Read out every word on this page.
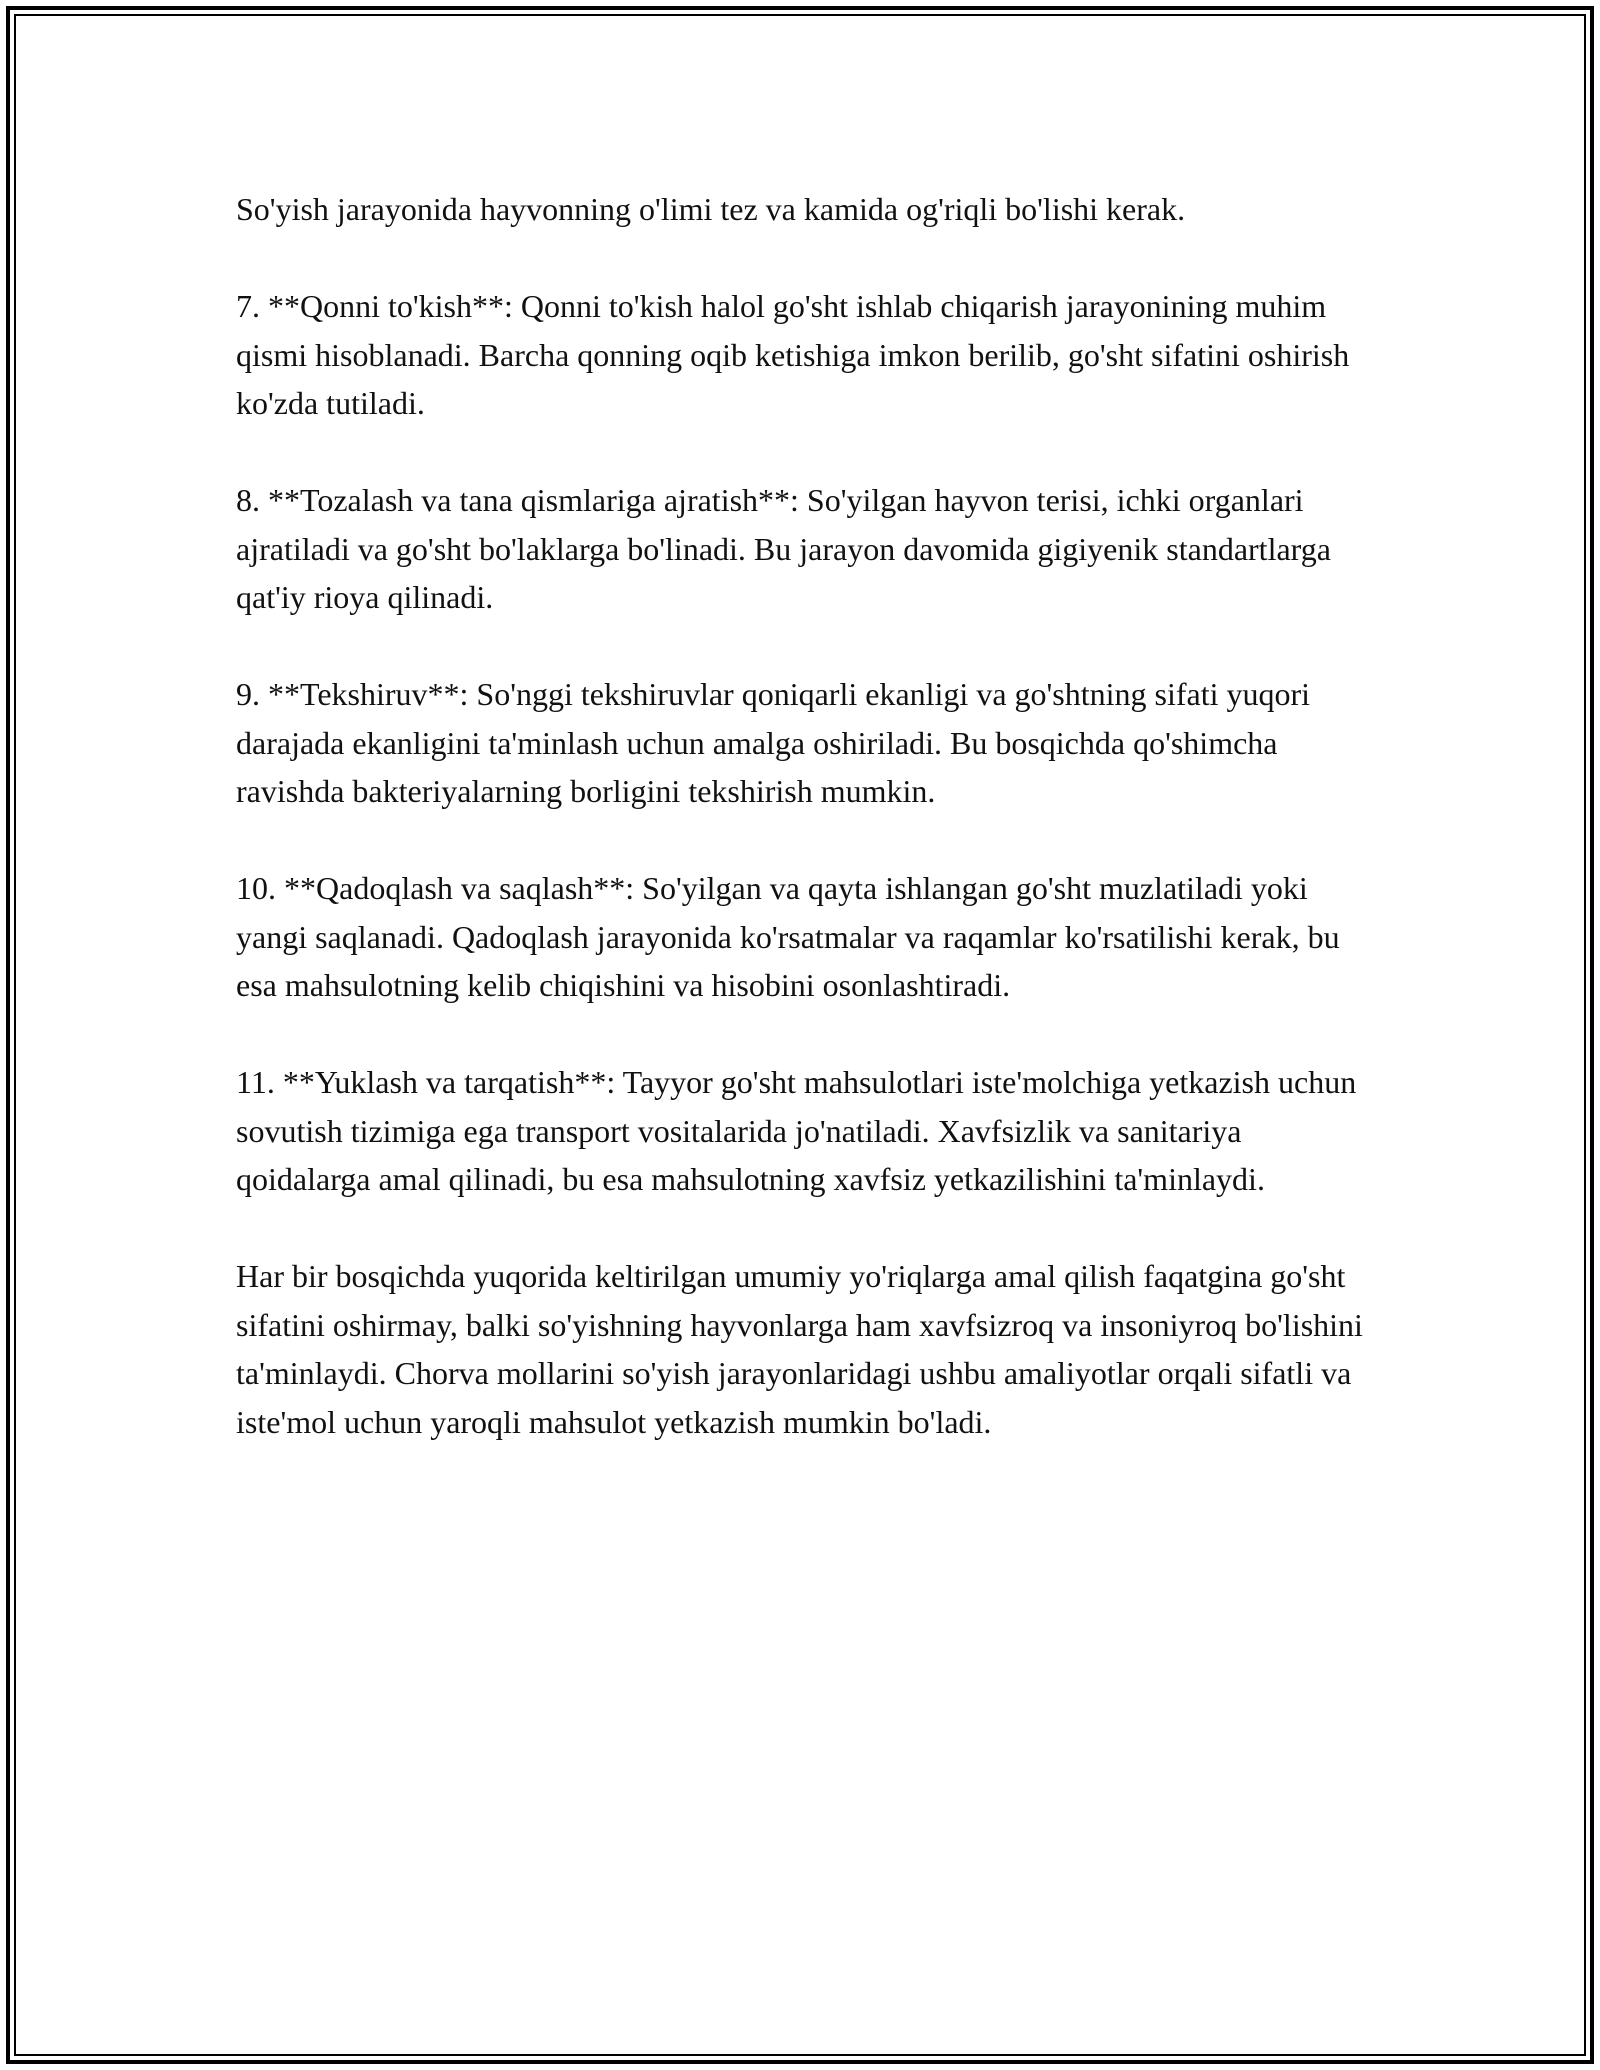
So'yish jarayonida hayvonning o'limi tez va kamida og'riqli bo'lishi kerak.

7. **Qonni to'kish**: Qonni to'kish halol go'sht ishlab chiqarish jarayonining muhim qismi hisoblanadi. Barcha qonning oqib ketishiga imkon berilib, go'sht sifatini oshirish ko'zda tutiladi.

8. **Tozalash va tana qismlariga ajratish**: So'yilgan hayvon terisi, ichki organlari ajratiladi va go'sht bo'laklarga bo'linadi. Bu jarayon davomida gigiyenik standartlarga qat'iy rioya qilinadi.

9. **Tekshiruv**: So'nggi tekshiruvlar qoniqarli ekanligi va go'shtning sifati yuqori darajada ekanligini ta'minlash uchun amalga oshiriladi. Bu bosqichda qo'shimcha ravishda bakteriyalarning borligini tekshirish mumkin.

10. **Qadoqlash va saqlash**: So'yilgan va qayta ishlangan go'sht muzlatiladi yoki yangi saqlanadi. Qadoqlash jarayonida ko'rsatmalar va raqamlar ko'rsatilishi kerak, bu esa mahsulotning kelib chiqishini va hisobini osonlashtiradi.

11. **Yuklash va tarqatish**: Tayyor go'sht mahsulotlari iste'molchiga yetkazish uchun sovutish tizimiga ega transport vositalarida jo'natiladi. Xavfsizlik va sanitariya qoidalarga amal qilinadi, bu esa mahsulotning xavfsiz yetkazilishini ta'minlaydi.

Har bir bosqichda yuqorida keltirilgan umumiy yo'riqlarga amal qilish faqatgina go'sht sifatini oshirmay, balki so'yishning hayvonlarga ham xavfsizroq va insoniyroq bo'lishini ta'minlaydi. Chorva mollarini so'yish jarayonlaridagi ushbu amaliyotlar orqali sifatli va iste'mol uchun yaroqli mahsulot yetkazish mumkin bo'ladi.
